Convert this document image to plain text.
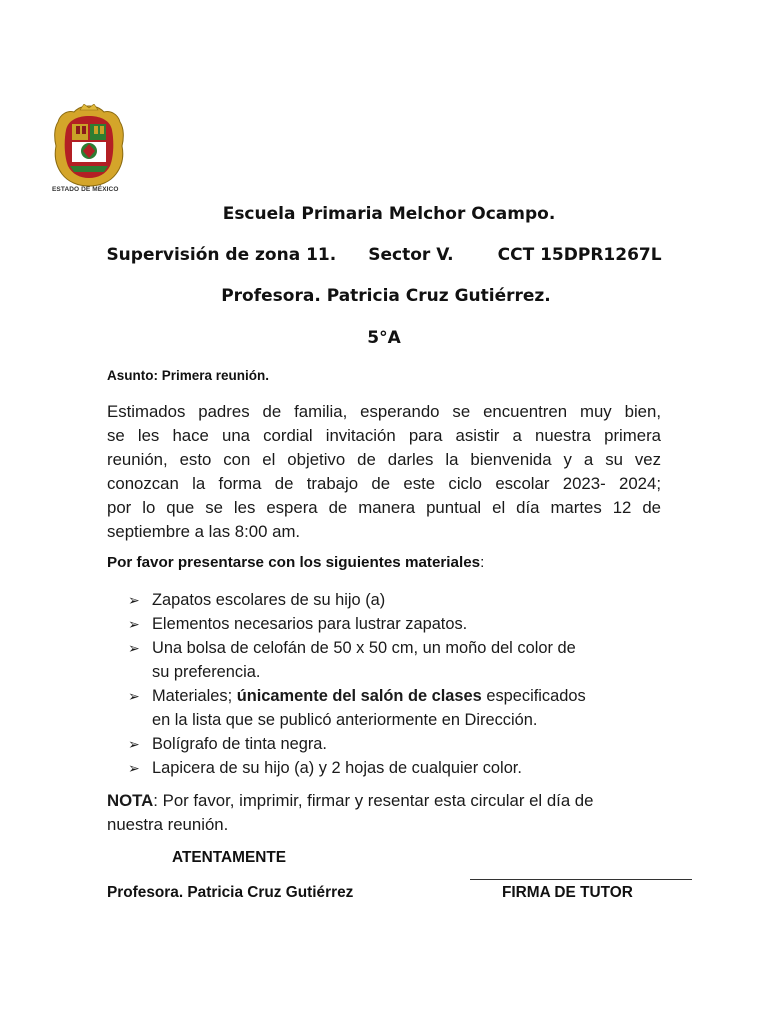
ESTADO DE MÉXICO
Escuela Primaria Melchor Ocampo.
Supervisión de zona 11. Sector V.	CCT 15DPR1267L
Profesora. Patricia Cruz Gutiérrez.
5°A
Asunto: Primera reunión.
Estimados padres de familia, esperando se encuentren muy bien,
se les hace una cordial invitación para asistir a nuestra primera
reunión, esto con el objetivo de darles la bienvenida y a su vez
conozcan la forma de trabajo de este ciclo escolar 2023- 2024;
por lo que se les espera de manera puntual el día martes 12 de
septiembre a las 8:00 am.
Por favor presentarse con los siguientes materiales:
➢ Zapatos escolares de su hijo (a)
➢ Elementos necesarios para lustrar zapatos.
➢ Una bolsa de celofán de 50 x 50 cm, un moño del color de
su preferencia.
➢ Materiales; únicamente del salón de clases especificados
en la lista que se publicó anteriormente en Dirección.
➢ Bolígrafo de tinta negra.
➢ Lapicera de su hijo (a) y 2 hojas de cualquier color.
NOTA: Por favor, imprimir, firmar y resentar esta circular el día de
nuestra reunión.
ATENTAMENTE
Profesora. Patricia Cruz Gutiérrez	FIRMA DE TUTOR
